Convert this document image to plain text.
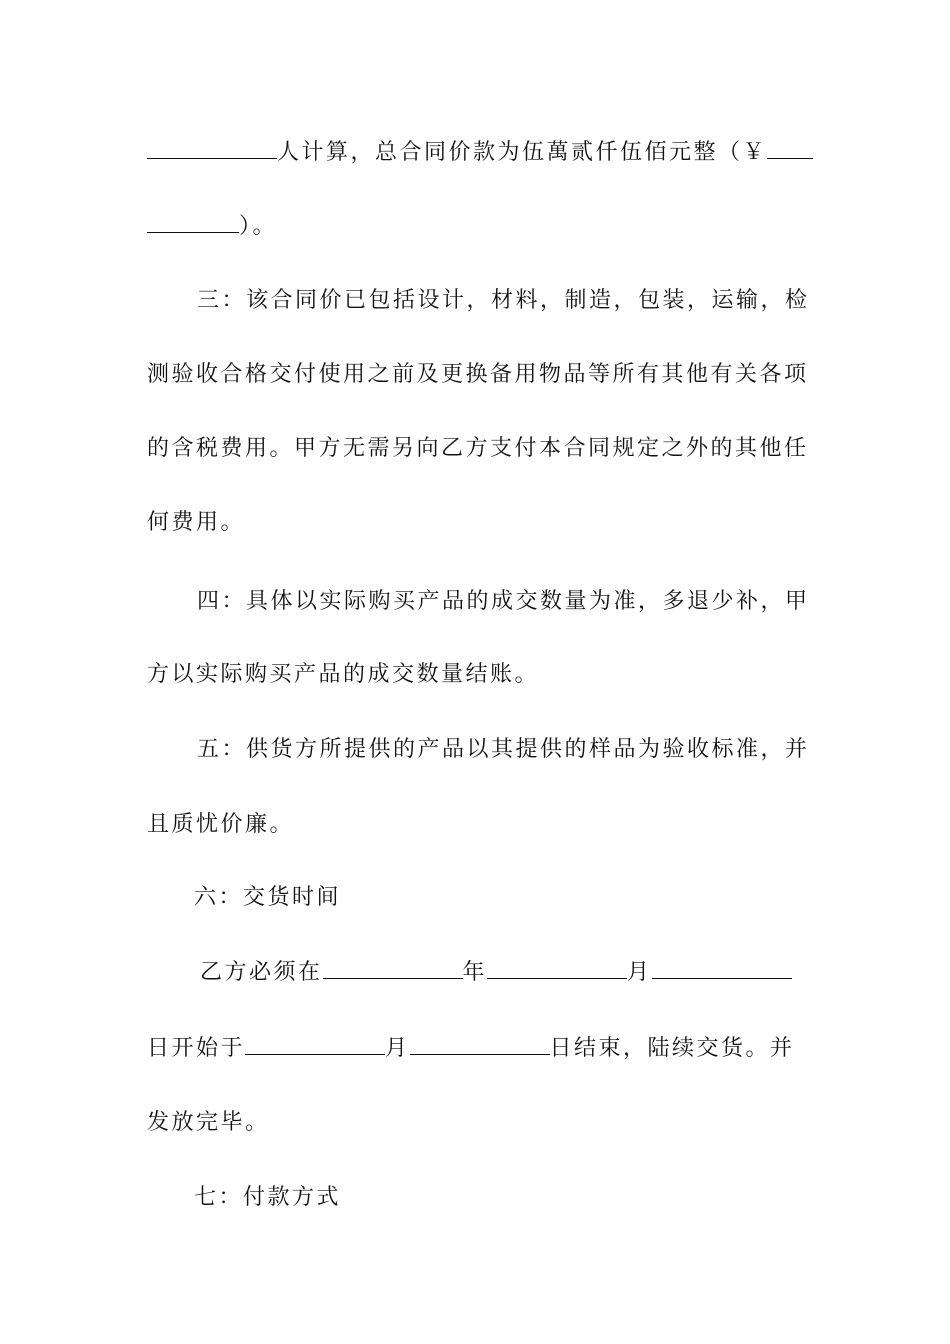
人计算，总合同价款为伍萬贰仟伍佰元整（￥
）。
三：该合同价已包括设计，材料，制造，包装，运输，检
测验收合格交付使用之前及更换备用物品等所有其他有关各项
的含税费用。甲方无需另向乙方支付本合同规定之外的其他任
何费用。
四：具体以实际购买产品的成交数量为准，多退少补，甲
方以实际购买产品的成交数量结账。
五：供货方所提供的产品以其提供的样品为验收标准，并
且质忧价廉。
六：交货时间
乙方必须在	年	月
日开始于	月	日结束，陆续交货。并
发放完毕。
七：付款方式
